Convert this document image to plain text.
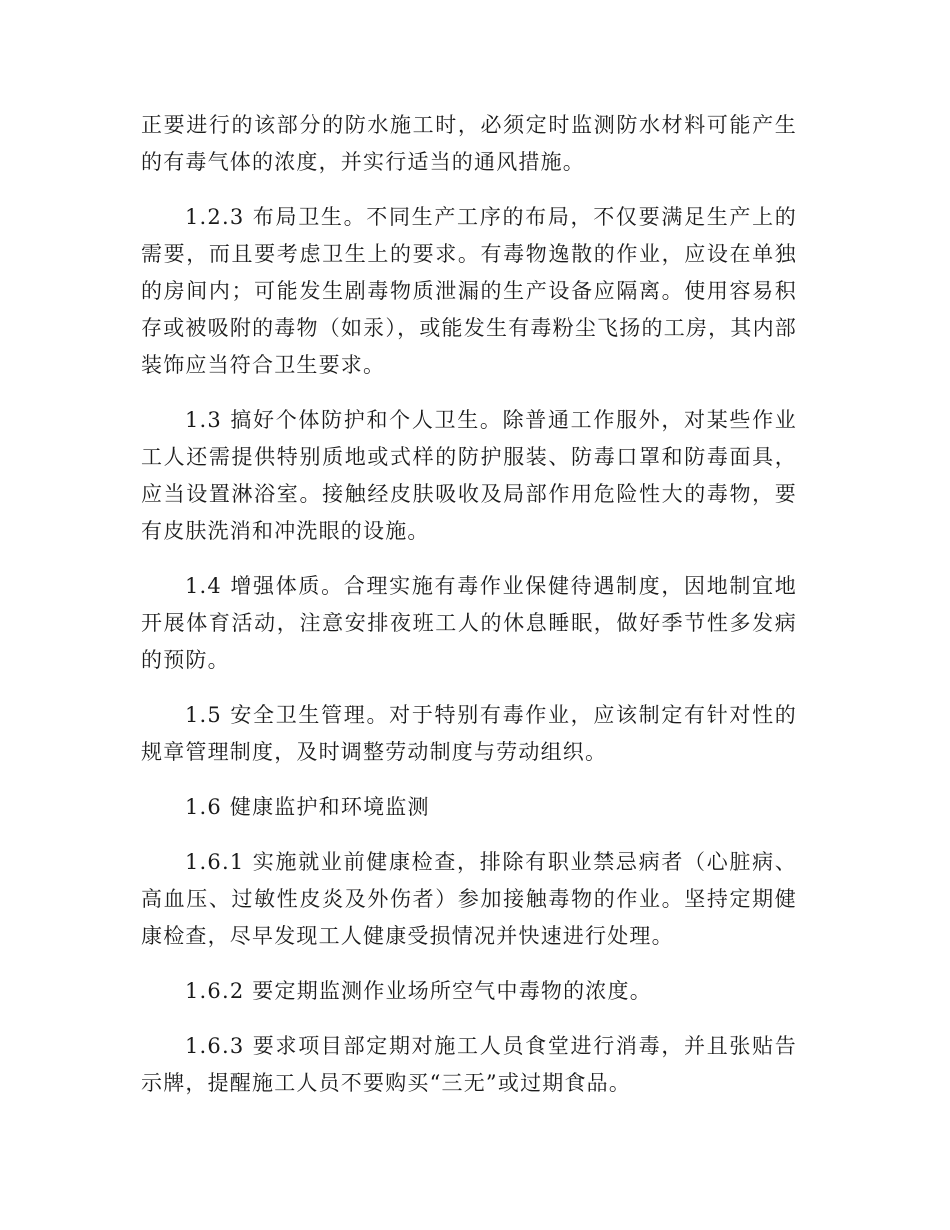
正要进行的该部分的防水施工时，必须定时监测防水材料可能产生的有毒气体的浓度，并实行适当的通风措施。

1.2.3 布局卫生。不同生产工序的布局，不仅要满足生产上的需要，而且要考虑卫生上的要求。有毒物逸散的作业，应设在单独的房间内；可能发生剧毒物质泄漏的生产设备应隔离。使用容易积存或被吸附的毒物（如汞），或能发生有毒粉尘飞扬的工房，其内部装饰应当符合卫生要求。

1.3 搞好个体防护和个人卫生。除普通工作服外，对某些作业工人还需提供特别质地或式样的防护服装、防毒口罩和防毒面具，应当设置淋浴室。接触经皮肤吸收及局部作用危险性大的毒物，要有皮肤洗消和冲洗眼的设施。

1.4 增强体质。合理实施有毒作业保健待遇制度，因地制宜地开展体育活动，注意安排夜班工人的休息睡眠，做好季节性多发病的预防。

1.5 安全卫生管理。对于特别有毒作业，应该制定有针对性的规章管理制度，及时调整劳动制度与劳动组织。

1.6 健康监护和环境监测

1.6.1 实施就业前健康检查，排除有职业禁忌病者（心脏病、高血压、过敏性皮炎及外伤者）参加接触毒物的作业。坚持定期健康检查，尽早发现工人健康受损情况并快速进行处理。

1.6.2 要定期监测作业场所空气中毒物的浓度。

1.6.3 要求项目部定期对施工人员食堂进行消毒，并且张贴告示牌，提醒施工人员不要购买“三无”或过期食品。
